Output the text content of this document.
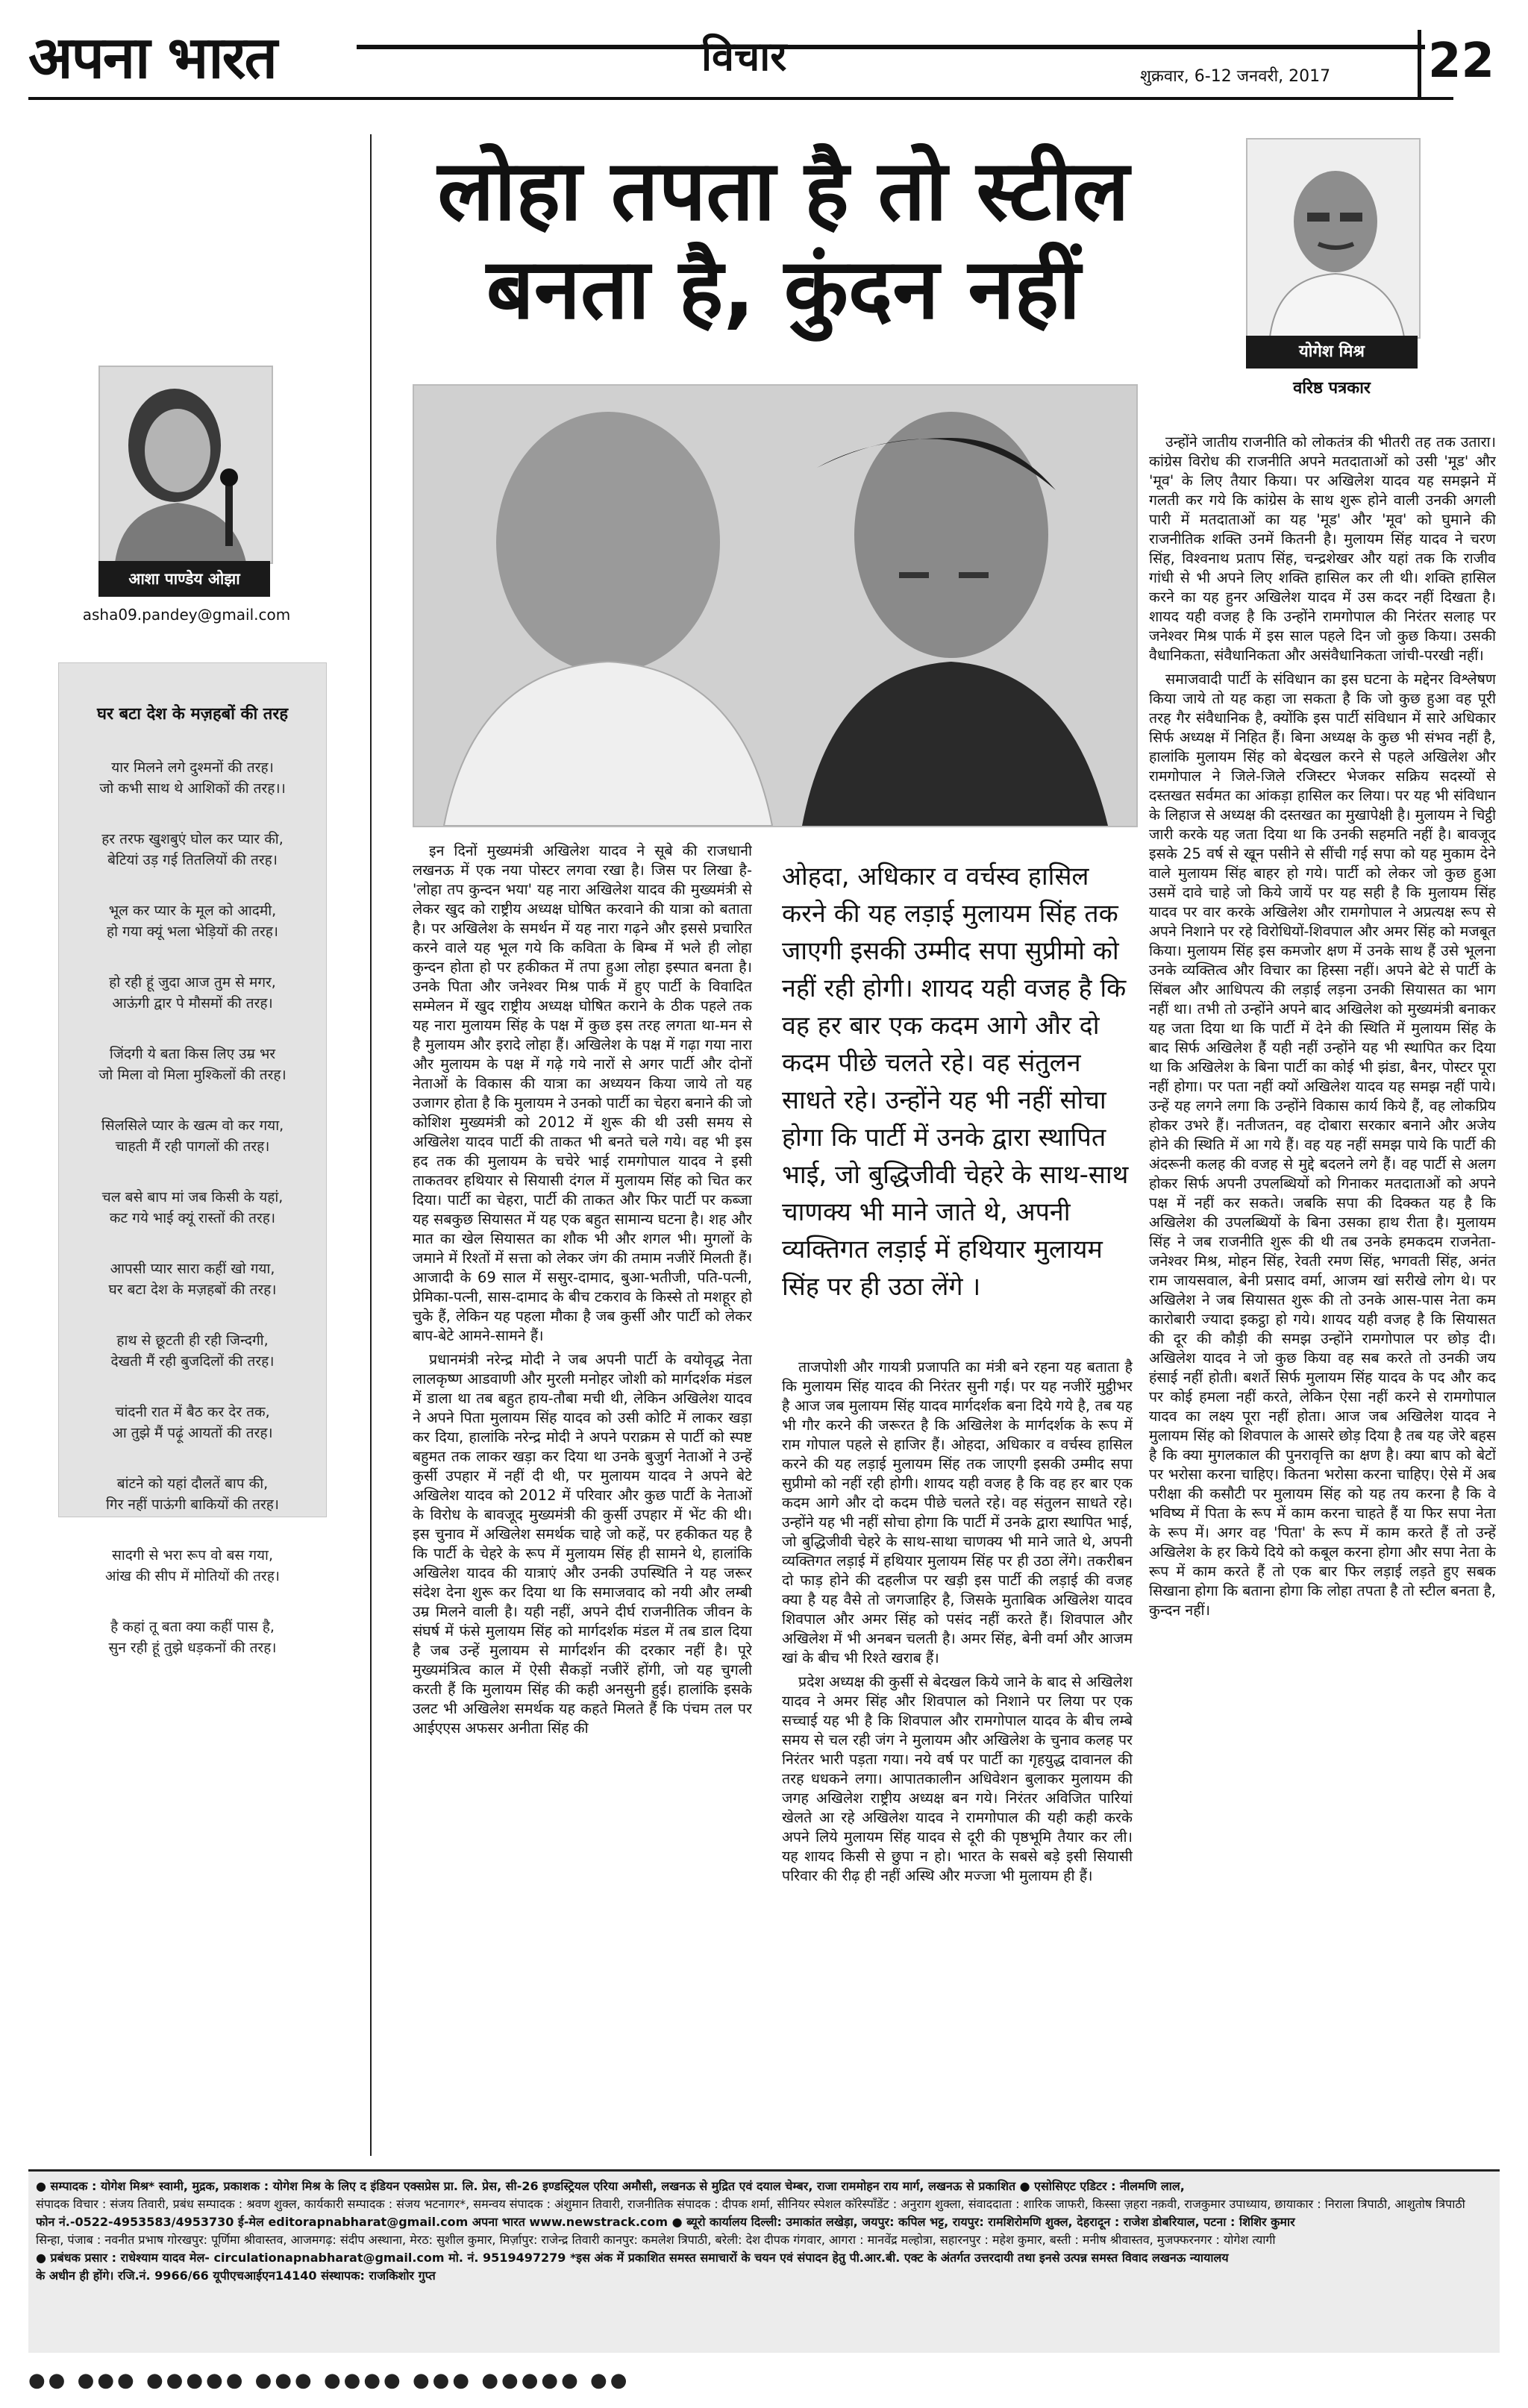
अपना भारत	विचार	शुक्रवार, 6-12 जनवरी, 2017 22
लोहा तपता है तो स्टील
बनता है, कुंदन नहीं
योगेश मिश्र
वरिष्ठ पत्रकार
आशा पाण्डेय ओझा
asha09.pandey@gmail.com
घर बटा देश के मज़हबों की तरह
यार मिलने लगे दुश्मनों की तरह।
जो कभी साथ थे आशिकों की तरह।।
हर तरफ खुशबुएं घोल कर प्यार की,
बेटियां उड़ गई तितलियों की तरह।
भूल कर प्यार के मूल को आदमी,
हो गया क्यूं भला भेड़ियों की तरह।
हो रही हूं जुदा आज तुम से मगर,
आऊंगी द्वार पे मौसमों की तरह।
जिंदगी ये बता किस लिए उम्र भर
जो मिला वो मिला मुश्किलों की तरह।
सिलसिले प्यार के खत्म वो कर गया,
चाहती मैं रही पागलों की तरह।
चल बसे बाप मां जब किसी के यहां,
कट गये भाई क्यूं रास्तों की तरह।
आपसी प्यार सारा कहीं खो गया,
घर बटा देश के मज़हबों की तरह।
हाथ से छूटती ही रही जिन्दगी,
देखती मैं रही बुजदिलों की तरह।
चांदनी रात में बैठ कर देर तक,
आ तुझे मैं पढ़ूं आयतों की तरह।
बांटने को यहां दौलतें बाप की,
गिर नहीं पाऊंगी बाकियों की तरह।
सादगी से भरा रूप वो बस गया,
आंख की सीप में मोतियों की तरह।
है कहां तू बता क्या कहीं पास है,
सुन रही हूं तुझे धड़कनों की तरह।

इन दिनों मुख्यमंत्री अखिलेश यादव ने सूबे की राजधानी लखनऊ में एक नया पोस्टर लगवा रखा है। जिस पर लिखा है-'लोहा तप कुन्दन भया' यह नारा अखिलेश यादव की मुख्यमंत्री से लेकर खुद को राष्ट्रीय अध्यक्ष घोषित करवाने की यात्रा को बताता है। पर अखिलेश के समर्थन में यह नारा गढ़ने और इससे प्रचारित करने वाले यह भूल गये कि कविता के बिम्ब में भले ही लोहा कुन्दन होता हो पर हकीकत में तपा हुआ लोहा इस्पात बनता है। उनके पिता और जनेश्वर मिश्र पार्क में हुए पार्टी के विवादित सम्मेलन में खुद राष्ट्रीय अध्यक्ष घोषित कराने के ठीक पहले तक यह नारा मुलायम सिंह के पक्ष में कुछ इस तरह लगता था-मन से है मुलायम और इरादे लोहा हैं। अखिलेश के पक्ष में गढ़ा गया नारा और मुलायम के पक्ष में गढ़े गये नारों से अगर पार्टी और दोनों नेताओं के विकास की यात्रा का अध्ययन किया जाये तो यह उजागर होता है कि मुलायम ने उनको पार्टी का चेहरा बनाने की जो कोशिश मुख्यमंत्री को 2012 में शुरू की थी उसी समय से अखिलेश यादव पार्टी की ताकत भी बनते चले गये। वह भी इस हद तक की मुलायम के चचेरे भाई रामगोपाल यादव ने इसी ताकतवर हथियार से सियासी दंगल में मुलायम सिंह को चित कर दिया। पार्टी का चेहरा, पार्टी की ताकत और फिर पार्टी पर कब्जा यह सबकुछ सियासत में यह एक बहुत सामान्य घटना है। शह और मात का खेल सियासत का शौक भी और शगल भी। मुगलों के जमाने में रिश्तों में सत्ता को लेकर जंग की तमाम नजीरें मिलती हैं। आजादी के 69 साल में ससुर-दामाद, बुआ-भतीजी, पति-पत्नी, प्रेमिका-पत्नी, सास-दामाद के बीच टकराव के किस्से तो मशहूर हो चुके हैं, लेकिन यह पहला मौका है जब कुर्सी और पार्टी को लेकर बाप-बेटे आमने-सामने हैं।

प्रधानमंत्री नरेन्द्र मोदी ने जब अपनी पार्टी के वयोवृद्ध नेता लालकृष्ण आडवाणी और मुरली मनोहर जोशी को मार्गदर्शक मंडल में डाला था तब बहुत हाय-तौबा मची थी, लेकिन अखिलेश यादव ने अपने पिता मुलायम सिंह यादव को उसी कोटि में लाकर खड़ा कर दिया, हालांकि नरेन्द्र मोदी ने अपने पराक्रम से पार्टी को स्पष्ट बहुमत तक लाकर खड़ा कर दिया था उनके बुजुर्ग नेताओं ने उन्हें कुर्सी उपहार में नहीं दी थी, पर मुलायम यादव ने अपने बेटे अखिलेश यादव को 2012 में परिवार और कुछ पार्टी के नेताओं के विरोध के बावजूद मुख्यमंत्री की कुर्सी उपहार में भेंट की थी। इस चुनाव में अखिलेश समर्थक चाहे जो कहें, पर हकीकत यह है कि पार्टी के चेहरे के रूप में मुलायम सिंह ही सामने थे, हालांकि अखिलेश यादव की यात्राएं और उनकी उपस्थिति ने यह जरूर संदेश देना शुरू कर दिया था कि समाजवाद को नयी और लम्बी उम्र मिलने वाली है। यही नहीं, अपने दीर्घ राजनीतिक जीवन के संघर्ष में फंसे मुलायम सिंह को मार्गदर्शक मंडल में तब डाल दिया है जब उन्हें मुलायम से मार्गदर्शन की दरकार नहीं है। पूरे मुख्यमंत्रित्व काल में ऐसी सैकड़ों नजीरें होंगी, जो यह चुगली करती हैं कि मुलायम सिंह की कही अनसुनी हुई। हालांकि इसके उलट भी अखिलेश समर्थक यह कहते मिलते हैं कि पंचम तल पर आईएएस अफसर अनीता सिंह की

ओहदा, अधिकार व वर्चस्व हासिल करने की यह लड़ाई मुलायम सिंह तक जाएगी इसकी उम्मीद सपा सुप्रीमो को नहीं रही होगी। शायद यही वजह है कि वह हर बार एक कदम आगे और दो कदम पीछे चलते रहे। वह संतुलन साधते रहे। उन्होंने यह भी नहीं सोचा होगा कि पार्टी में उनके द्वारा स्थापित भाई, जो बुद्धिजीवी चेहरे के साथ-साथ चाणक्य भी माने जाते थे, अपनी व्यक्तिगत लड़ाई में हथियार मुलायम सिंह पर ही उठा लेंगे ।

ताजपोशी और गायत्री प्रजापति का मंत्री बने रहना यह बताता है कि मुलायम सिंह यादव की निरंतर सुनी गई। पर यह नजीरें मुट्ठीभर है आज जब मुलायम सिंह यादव मार्गदर्शक बना दिये गये है, तब यह भी गौर करने की जरूरत है कि अखिलेश के मार्गदर्शक के रूप में राम गोपाल पहले से हाजिर हैं। ओहदा, अधिकार व वर्चस्व हासिल करने की यह लड़ाई मुलायम सिंह तक जाएगी इसकी उम्मीद सपा सुप्रीमो को नहीं रही होगी। शायद यही वजह है कि वह हर बार एक कदम आगे और दो कदम पीछे चलते रहे। वह संतुलन साधते रहे। उन्होंने यह भी नहीं सोचा होगा कि पार्टी में उनके द्वारा स्थापित भाई, जो बुद्धिजीवी चेहरे के साथ-साथा चाणक्य भी माने जाते थे, अपनी व्यक्तिगत लड़ाई में हथियार मुलायम सिंह पर ही उठा लेंगे। तकरीबन दो फाड़ होने की दहलीज पर खड़ी इस पार्टी की लड़ाई की वजह क्या है यह वैसे तो जगजाहिर है, जिसके मुताबिक अखिलेश यादव शिवपाल और अमर सिंह को पसंद नहीं करते हैं। शिवपाल और अखिलेश में भी अनबन चलती है। अमर सिंह, बेनी वर्मा और आजम खां के बीच भी रिश्ते खराब हैं।

प्रदेश अध्यक्ष की कुर्सी से बेदखल किये जाने के बाद से अखिलेश यादव ने अमर सिंह और शिवपाल को निशाने पर लिया पर एक सच्चाई यह भी है कि शिवपाल और रामगोपाल यादव के बीच लम्बे समय से चल रही जंग ने मुलायम और अखिलेश के चुनाव कलह पर निरंतर भारी पड़ता गया। नये वर्ष पर पार्टी का गृहयुद्ध दावानल की तरह धधकने लगा। आपातकालीन अधिवेशन बुलाकर मुलायम की जगह अखिलेश राष्ट्रीय अध्यक्ष बन गये। निरंतर अविजित पारियां खेलते आ रहे अखिलेश यादव ने रामगोपाल की यही कही करके अपने लिये मुलायम सिंह यादव से दूरी की पृष्ठभूमि तैयार कर ली। यह शायद किसी से छुपा न हो। भारत के सबसे बड़े इसी सियासी परिवार की रीढ़ ही नहीं अस्थि और मज्जा भी मुलायम ही हैं।

उन्होंने जातीय राजनीति को लोकतंत्र की भीतरी तह तक उतारा। कांग्रेस विरोध की राजनीति अपने मतदाताओं को उसी 'मूड' और 'मूव' के लिए तैयार किया। पर अखिलेश यादव यह समझने में गलती कर गये कि कांग्रेस के साथ शुरू होने वाली उनकी अगली पारी में मतदाताओं का यह 'मूड' और 'मूव' को घुमाने की राजनीतिक शक्ति उनमें कितनी है। मुलायम सिंह यादव ने चरण सिंह, विश्वनाथ प्रताप सिंह, चन्द्रशेखर और यहां तक कि राजीव गांधी से भी अपने लिए शक्ति हासिल कर ली थी। शक्ति हासिल करने का यह हुनर अखिलेश यादव में उस कदर नहीं दिखता है। शायद यही वजह है कि उन्होंने रामगोपाल की निरंतर सलाह पर जनेश्वर मिश्र पार्क में इस साल पहले दिन जो कुछ किया। उसकी वैधानिकता, संवैधानिकता और असंवैधानिकता जांची-परखी नहीं।

समाजवादी पार्टी के संविधान का इस घटना के मद्देनर विश्लेषण किया जाये तो यह कहा जा सकता है कि जो कुछ हुआ वह पूरी तरह गैर संवैधानिक है, क्योंकि इस पार्टी संविधान में सारे अधिकार सिर्फ अध्यक्ष में निहित हैं। बिना अध्यक्ष के कुछ भी संभव नहीं है, हालांकि मुलायम सिंह को बेदखल करने से पहले अखिलेश और रामगोपाल ने जिले-जिले रजिस्टर भेजकर सक्रिय सदस्यों से दस्तखत सर्वमत का आंकड़ा हासिल कर लिया। पर यह भी संविधान के लिहाज से अध्यक्ष की दस्तखत का मुखापेक्षी है। मुलायम ने चिट्ठी जारी करके यह जता दिया था कि उनकी सहमति नहीं है। बावजूद इसके 25 वर्ष से खून पसीने से सींची गई सपा को यह मुकाम देने वाले मुलायम सिंह बाहर हो गये। पार्टी को लेकर जो कुछ हुआ उसमें दावे चाहे जो किये जायें पर यह सही है कि मुलायम सिंह यादव पर वार करके अखिलेश और रामगोपाल ने अप्रत्यक्ष रूप से अपने निशाने पर रहे विरोधियों-शिवपाल और अमर सिंह को मजबूत किया। मुलायम सिंह इस कमजोर क्षण में उनके साथ हैं उसे भूलना उनके व्यक्तित्व और विचार का हिस्सा नहीं। अपने बेटे से पार्टी के सिंबल और आधिपत्य की लड़ाई लड़ना उनकी सियासत का भाग नहीं था। तभी तो उन्होंने अपने बाद अखिलेश को मुख्यमंत्री बनाकर यह जता दिया था कि पार्टी में देने की स्थिति में मुलायम सिंह के बाद सिर्फ अखिलेश हैं यही नहीं उन्होंने यह भी स्थापित कर दिया था कि अखिलेश के बिना पार्टी का कोई भी झंडा, बैनर, पोस्टर पूरा नहीं होगा। पर पता नहीं क्यों अखिलेश यादव यह समझ नहीं पाये। उन्हें यह लगने लगा कि उन्होंने विकास कार्य किये हैं, वह लोकप्रिय होकर उभरे हैं। नतीजतन, वह दोबारा सरकार बनाने और अजेय होने की स्थिति में आ गये हैं। वह यह नहीं समझ पाये कि पार्टी की अंदरूनी कलह की वजह से मुद्दे बदलने लगे हैं। वह पार्टी से अलग होकर सिर्फ अपनी उपलब्धियों को गिनाकर मतदाताओं को अपने पक्ष में नहीं कर सकते। जबकि सपा की दिक्कत यह है कि अखिलेश की उपलब्धियों के बिना उसका हाथ रीता है। मुलायम सिंह ने जब राजनीति शुरू की थी तब उनके हमकदम राजनेता-जनेश्वर मिश्र, मोहन सिंह, रेवती रमण सिंह, भगवती सिंह, अनंत राम जायसवाल, बेनी प्रसाद वर्मा, आजम खां सरीखे लोग थे। पर अखिलेश ने जब सियासत शुरू की तो उनके आस-पास नेता कम कारोबारी ज्यादा इकट्ठा हो गये। शायद यही वजह है कि सियासत की दूर की कौड़ी की समझ उन्होंने रामगोपाल पर छोड़ दी। अखिलेश यादव ने जो कुछ किया वह सब करते तो उनकी जय हंसाई नहीं होती। बशर्ते सिर्फ मुलायम सिंह यादव के पद और कद पर कोई हमला नहीं करते, लेकिन ऐसा नहीं करने से रामगोपाल यादव का लक्ष्य पूरा नहीं होता। आज जब अखिलेश यादव ने मुलायम सिंह को शिवपाल के आसरे छोड़ दिया है तब यह जेरे बहस है कि क्या मुगलकाल की पुनरावृत्ति का क्षण है। क्या बाप को बेटों पर भरोसा करना चाहिए। कितना भरोसा करना चाहिए। ऐसे में अब परीक्षा की कसौटी पर मुलायम सिंह को यह तय करना है कि वे भविष्य में पिता के रूप में काम करना चाहते हैं या फिर सपा नेता के रूप में। अगर वह 'पिता' के रूप में काम करते हैं तो उन्हें अखिलेश के हर किये दिये को कबूल करना होगा और सपा नेता के रूप में काम करते हैं तो एक बार फिर लड़ाई लड़ते हुए सबक सिखाना होगा कि बताना होगा कि लोहा तपता है तो स्टील बनता है, कुन्दन नहीं।

● सम्पादक : योगेश मिश्र* स्वामी, मुद्रक, प्रकाशक : योगेश मिश्र के लिए द इंडियन एक्सप्रेस प्रा. लि. प्रेस, सी-26 इण्डस्ट्रियल एरिया अमौसी, लखनऊ से मुद्रित एवं दयाल चेम्बर, राजा राममोहन राय मार्ग, लखनऊ से प्रकाशित ● एसोसिएट एडिटर : नीलमणि लाल,
संपादक विचार : संजय तिवारी, प्रबंध सम्पादक : श्रवण शुक्ल, कार्यकारी सम्पादक : संजय भटनागर*, समन्वय संपादक : अंशुमान तिवारी, राजनीतिक संपादक : दीपक शर्मा, सीनियर स्पेशल कॉरेस्पॉंडेंट : अनुराग शुक्ला, संवाददाता : शारिक जाफरी, किस्सा ज़हरा नक़वी, राजकुमार उपाध्याय, छायाकार : निराला त्रिपाठी, आशुतोष त्रिपाठी
फोन नं.-0522-4953583/4953730 ई-मेल editorapnabharat@gmail.com अपना भारत www.newstrack.com ● ब्यूरो कार्यालय दिल्ली: उमाकांत लखेड़ा, जयपुर: कपिल भट्ट, रायपुर: रामशिरोमणि शुक्ल, देहरादून : राजेश डोबरियाल, पटना : शिशिर कुमार
सिन्हा, पंजाब : नवनीत प्रभाष गोरखपुर: पूर्णिमा श्रीवास्तव, आजमगढ़: संदीप अस्थाना, मेरठ: सुशील कुमार, मिर्ज़ापुर: राजेन्द्र तिवारी कानपुर: कमलेश त्रिपाठी, बरेली: देश दीपक गंगवार, आगरा : मानवेंद्र मल्होत्रा, सहारनपुर : महेश कुमार, बस्ती : मनीष श्रीवास्तव, मुजफ्फरनगर : योगेश त्यागी
● प्रबंधक प्रसार : राधेश्याम यादव मेल- circulationapnabharat@gmail.com मो. नं. 9519497279 *इस अंक में प्रकाशित समस्त समाचारों के चयन एवं संपादन हेतु पी.आर.बी. एक्ट के अंतर्गत उत्तरदायी तथा इनसे उत्पन्न समस्त विवाद लखनऊ न्यायालय
के अधीन ही होंगे। रजि.नं. 9966/66 यूपीएचआईएन14140 संस्थापक: राजकिशोर गुप्त
●● ●●● ●●●●● ●●● ●●●● ●●● ●●●●● ●●
